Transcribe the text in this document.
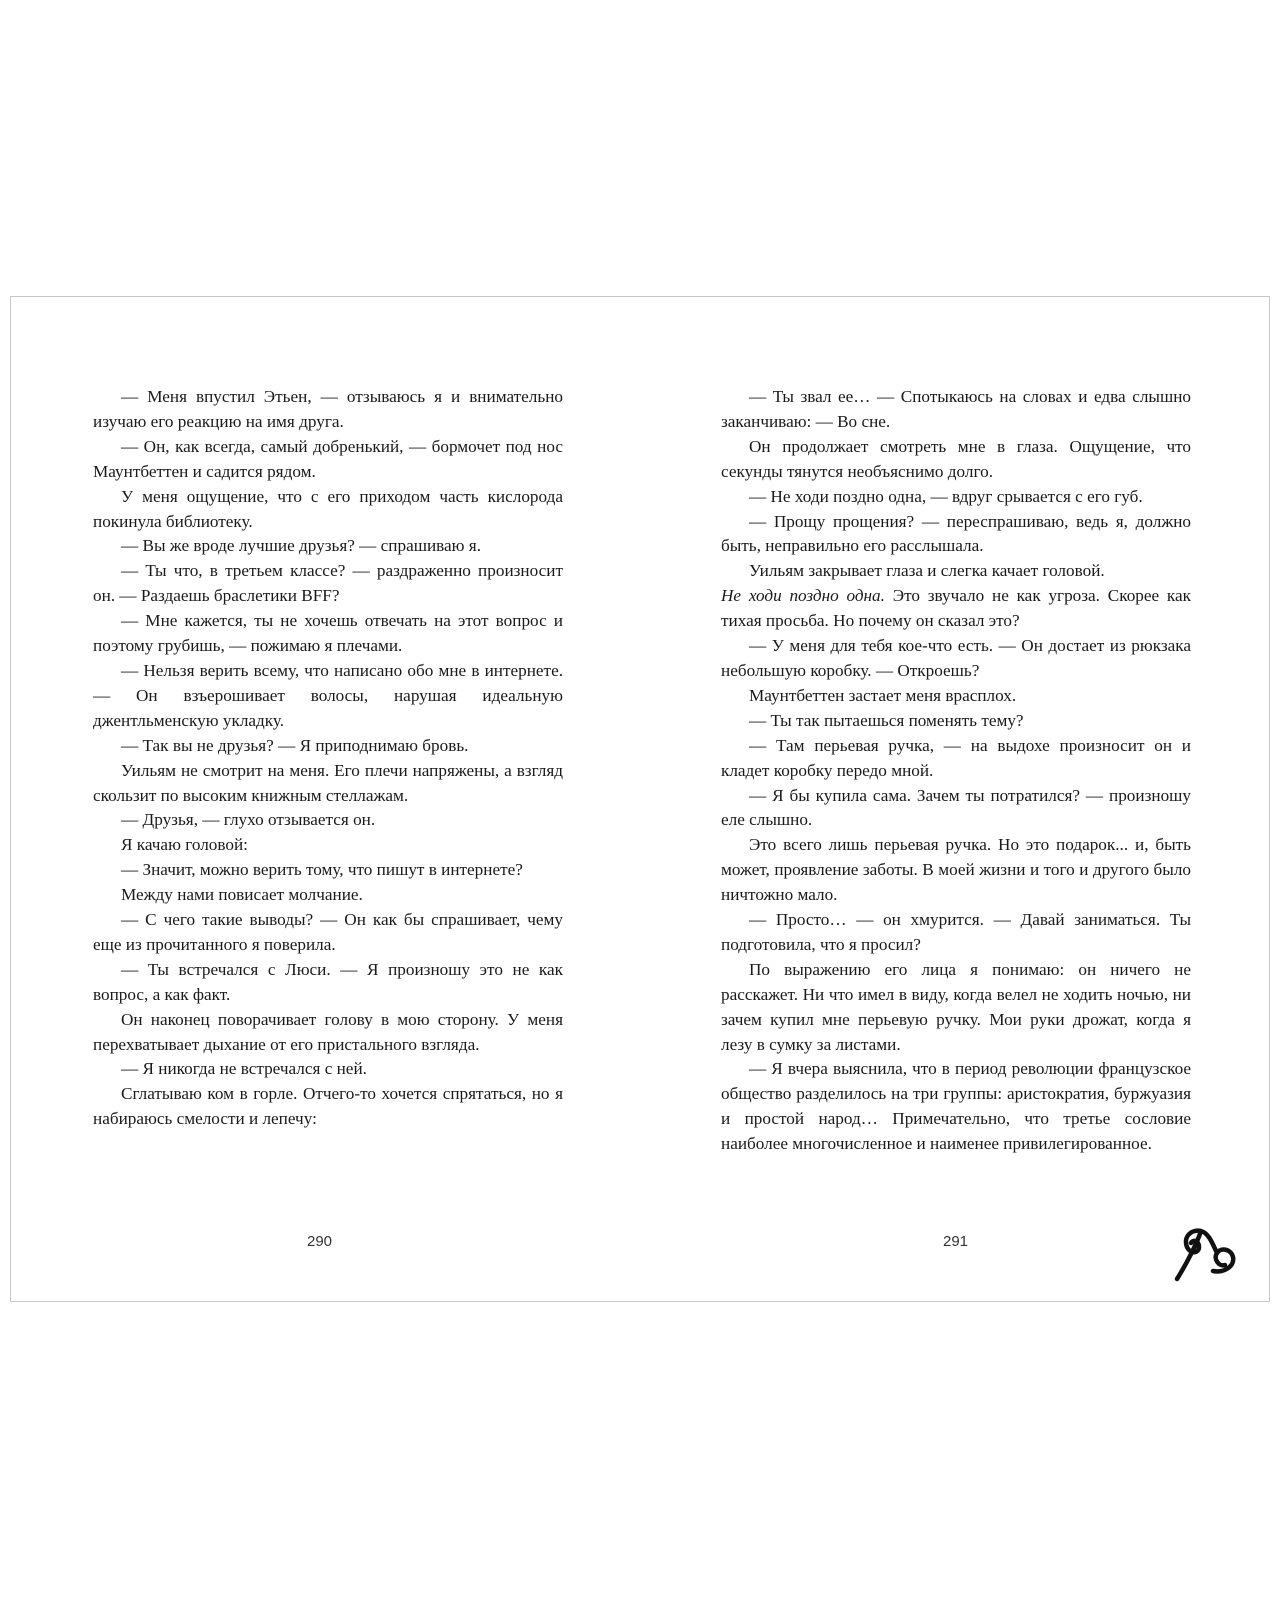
— Меня впустил Этьен, — отзываюсь я и внимательно изучаю его реакцию на имя друга.

— Он, как всегда, самый добренький, — бормочет под нос Маунтбеттен и садится рядом.

У меня ощущение, что с его приходом часть кислорода покинула библиотеку.

— Вы же вроде лучшие друзья? — спрашиваю я.

— Ты что, в третьем классе? — раздраженно произносит он. — Раздаешь браслетики BFF?

— Мне кажется, ты не хочешь отвечать на этот вопрос и поэтому грубишь, — пожимаю я плечами.

— Нельзя верить всему, что написано обо мне в интернете. — Он взъерошивает волосы, нарушая идеальную джентльменскую укладку.

— Так вы не друзья? — Я приподнимаю бровь.

Уильям не смотрит на меня. Его плечи напряжены, а взгляд скользит по высоким книжным стеллажам.

— Друзья, — глухо отзывается он.

Я качаю головой:

— Значит, можно верить тому, что пишут в интернете?

Между нами повисает молчание.

— С чего такие выводы? — Он как бы спрашивает, чему еще из прочитанного я поверила.

— Ты встречался с Люси. — Я произношу это не как вопрос, а как факт.

Он наконец поворачивает голову в мою сторону. У меня перехватывает дыхание от его пристального взгляда.

— Я никогда не встречался с ней.

Сглатываю ком в горле. Отчего-то хочется спрятаться, но я набираюсь смелости и лепечу:

— Ты звал ее… — Спотыкаюсь на словах и едва слышно заканчиваю: — Во сне.

Он продолжает смотреть мне в глаза. Ощущение, что секунды тянутся необъяснимо долго.

— Не ходи поздно одна, — вдруг срывается с его губ.

— Прощу прощения? — переспрашиваю, ведь я, должно быть, неправильно его расслышала.

Уильям закрывает глаза и слегка качает головой.

Не ходи поздно одна. Это звучало не как угроза. Скорее как тихая просьба. Но почему он сказал это?

— У меня для тебя кое-что есть. — Он достает из рюкзака небольшую коробку. — Откроешь?

Маунтбеттен застает меня врасплох.

— Ты так пытаешься поменять тему?

— Там перьевая ручка, — на выдохе произносит он и кладет коробку передо мной.

— Я бы купила сама. Зачем ты потратился? — произношу еле слышно.

Это всего лишь перьевая ручка. Но это подарок... и, быть может, проявление заботы. В моей жизни и того и другого было ничтожно мало.

— Просто… — он хмурится. — Давай заниматься. Ты подготовила, что я просил?

По выражению его лица я понимаю: он ничего не расскажет. Ни что имел в виду, когда велел не ходить ночью, ни зачем купил мне перьевую ручку. Мои руки дрожат, когда я лезу в сумку за листами.

— Я вчера выяснила, что в период революции французское общество разделилось на три группы: аристократия, буржуазия и простой народ… Примечательно, что третье сословие наиболее многочисленное и наименее привилегированное.

290	291
